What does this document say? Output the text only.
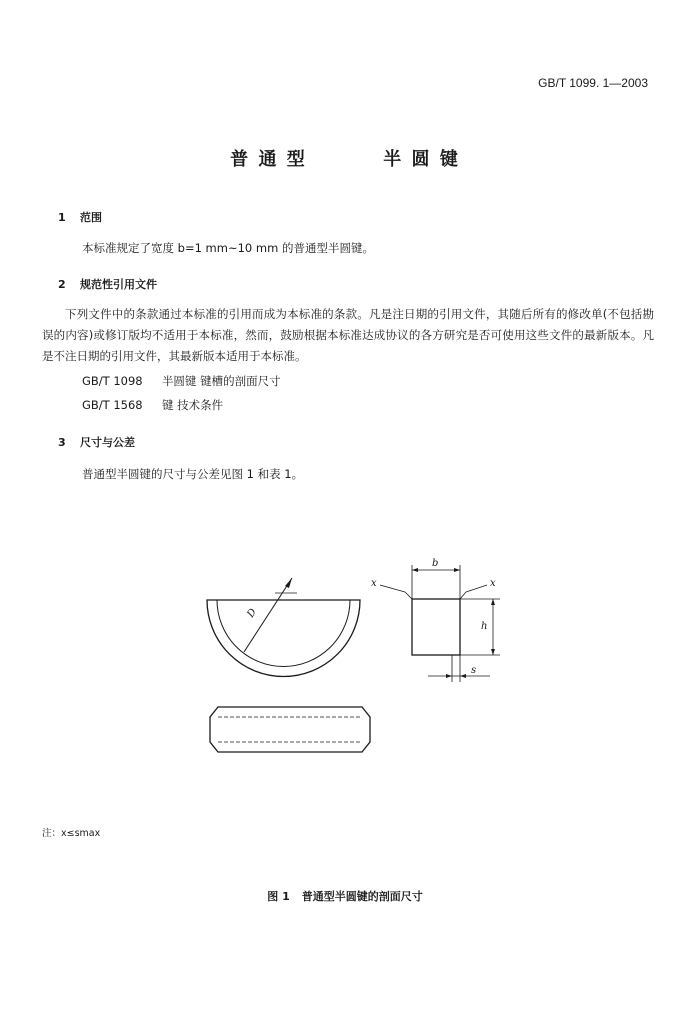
GB/T 1099. 1—2003
普 通 型	半 圆 键
1 范围
本标准规定了宽度 b=1 mm~10 mm 的普通型半圆键。
2 规范性引用文件
下列文件中的条款通过本标准的引用而成为本标准的条款。凡是注日期的引用文件，其随后所有的修改单(不包括勘误的内容)或修订版均不适用于本标准，然而，鼓励根据本标准达成协议的各方研究是否可使用这些文件的最新版本。凡是不注日期的引用文件，其最新版本适用于本标准。
GB/T 1098 半圆键 键槽的剖面尺寸
GB/T 1568 键 技术条件
3 尺寸与公差
普通型半圆键的尺寸与公差见图 1 和表 1。
D
b
h
s
x	x
注：x≤smax
图 1 普通型半圆键的剖面尺寸
